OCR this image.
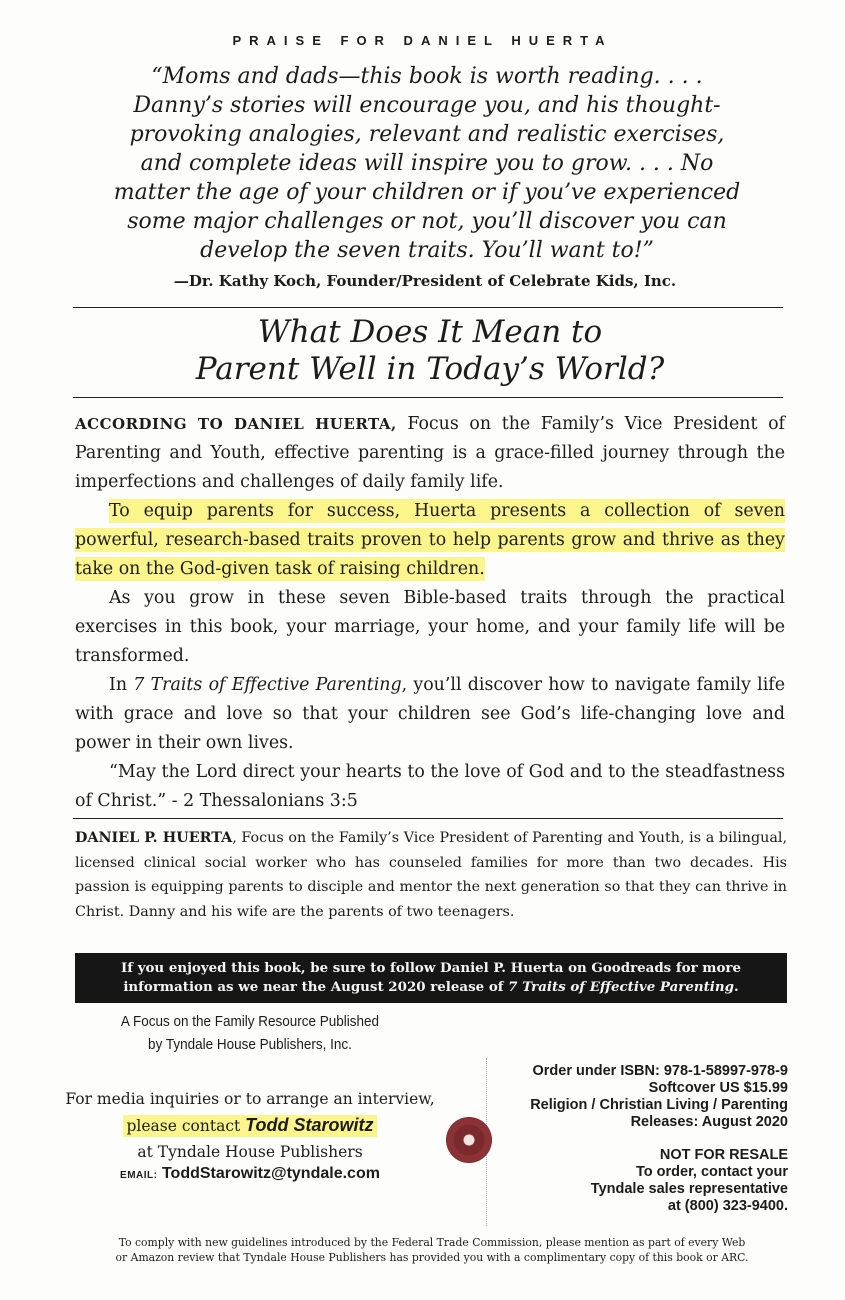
PRAISE FOR DANIEL HUERTA
“Moms and dads—this book is worth reading. . . .
Danny’s stories will encourage you, and his thought-
provoking analogies, relevant and realistic exercises,
and complete ideas will inspire you to grow. . . . No
matter the age of your children or if you’ve experienced
some major challenges or not, you’ll discover you can
develop the seven traits. You’ll want to!”
—Dr. Kathy Koch, Founder/President of Celebrate Kids, Inc.
What Does It Mean to
Parent Well in Today’s World?

ACCORDING TO DANIEL HUERTA, Focus on the Family’s Vice President of Parenting and Youth, effective parenting is a grace-filled journey through the imperfections and challenges of daily family life.

To equip parents for success, Huerta presents a collection of seven powerful, research-based traits proven to help parents grow and thrive as they take on the God-given task of raising children.

As you grow in these seven Bible-based traits through the practical exercises in this book, your marriage, your home, and your family life will be transformed.

In 7 Traits of Effective Parenting, you’ll discover how to navigate family life with grace and love so that your children see God’s life-changing love and power in their own lives.

“May the Lord direct your hearts to the love of God and to the steadfastness of Christ.” - 2 Thessalonians 3:5

DANIEL P. HUERTA, Focus on the Family’s Vice President of Parenting and Youth, is a bilingual, licensed clinical social worker who has counseled families for more than two decades. His passion is equipping parents to disciple and mentor the next generation so that they can thrive in Christ. Danny and his wife are the parents of two teenagers.
If you enjoyed this book, be sure to follow Daniel P. Huerta on Goodreads for more
information as we near the August 2020 release of 7 Traits of Effective Parenting.
A Focus on the Family Resource Published
by Tyndale House Publishers, Inc.
For media inquiries or to arrange an interview,
please contact Todd Starowitz
at Tyndale House Publishers
EMAIL: ToddStarowitz@tyndale.com
Order under ISBN: 978-1-58997-978-9
Softcover US $15.99
Religion / Christian Living / Parenting
Releases: August 2020
NOT FOR RESALE
To order, contact your
Tyndale sales representative
at (800) 323-9400.
To comply with new guidelines introduced by the Federal Trade Commission, please mention as part of every Web
or Amazon review that Tyndale House Publishers has provided you with a complimentary copy of this book or ARC.
